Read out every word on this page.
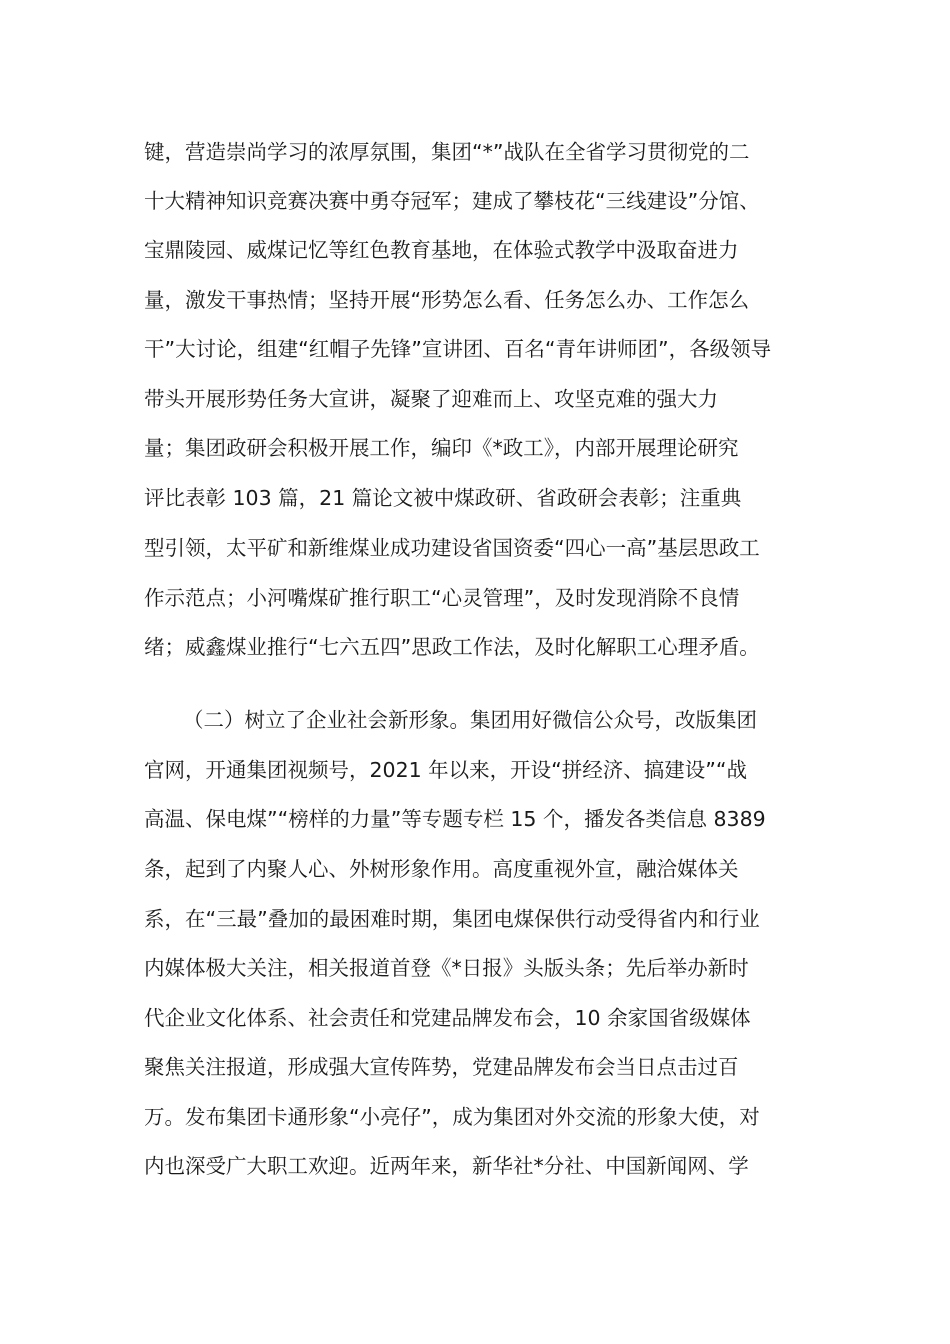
键，营造崇尚学习的浓厚氛围，集团“*”战队在全省学习贯彻党的二
十大精神知识竞赛决赛中勇夺冠军；建成了攀枝花“三线建设”分馆、
宝鼎陵园、威煤记忆等红色教育基地，在体验式教学中汲取奋进力
量，激发干事热情；坚持开展“形势怎么看、任务怎么办、工作怎么
干”大讨论，组建“红帽子先锋”宣讲团、百名“青年讲师团”，各级领导
带头开展形势任务大宣讲，凝聚了迎难而上、攻坚克难的强大力
量；集团政研会积极开展工作，编印《*政工》，内部开展理论研究
评比表彰 103 篇，21 篇论文被中煤政研、省政研会表彰；注重典
型引领，太平矿和新维煤业成功建设省国资委“四心一高”基层思政工
作示范点；小河嘴煤矿推行职工“心灵管理”，及时发现消除不良情
绪；威鑫煤业推行“七六五四”思政工作法，及时化解职工心理矛盾。
（二）树立了企业社会新形象。集团用好微信公众号，改版集团
官网，开通集团视频号，2021 年以来，开设“拼经济、搞建设”“战
高温、保电煤”“榜样的力量”等专题专栏 15 个，播发各类信息 8389
条，起到了内聚人心、外树形象作用。高度重视外宣，融洽媒体关
系，在“三最”叠加的最困难时期，集团电煤保供行动受得省内和行业
内媒体极大关注，相关报道首登《*日报》头版头条；先后举办新时
代企业文化体系、社会责任和党建品牌发布会，10 余家国省级媒体
聚焦关注报道，形成强大宣传阵势，党建品牌发布会当日点击过百
万。发布集团卡通形象“小亮仔”，成为集团对外交流的形象大使，对
内也深受广大职工欢迎。近两年来，新华社*分社、中国新闻网、学
